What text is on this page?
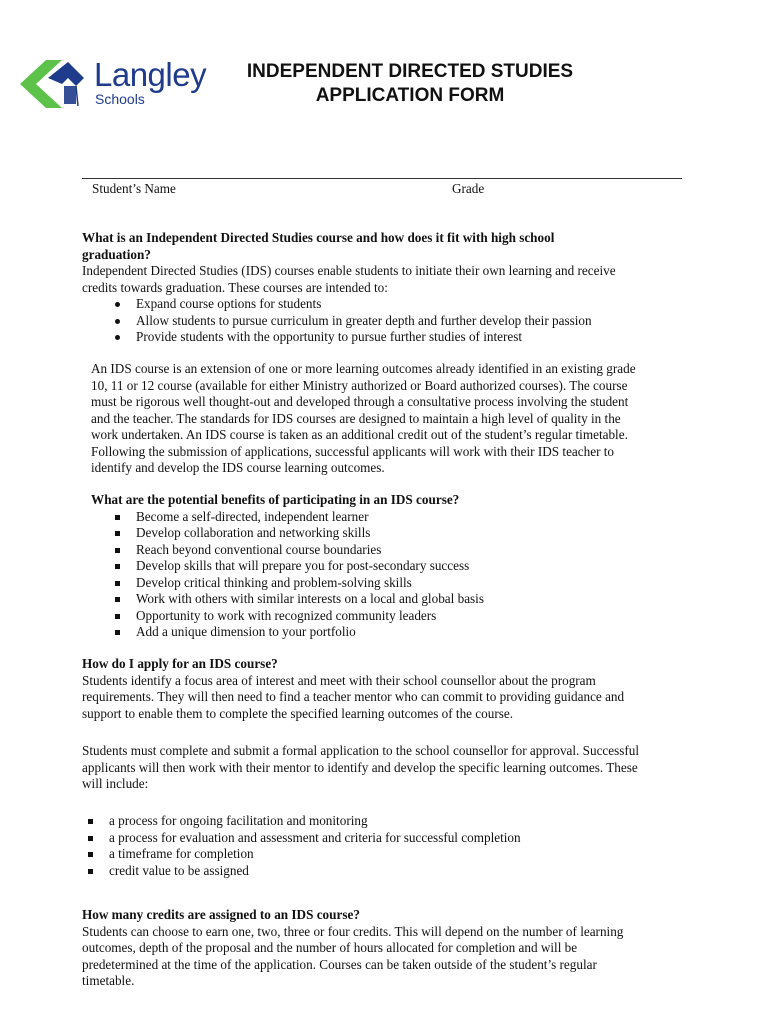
Langley
Schools
INDEPENDENT DIRECTED STUDIES
APPLICATION FORM
Student’s Name	Grade
What is an Independent Directed Studies course and how does it fit with high school
graduation?
Independent Directed Studies (IDS) courses enable students to initiate their own learning and receive
credits towards graduation. These courses are intended to:
Expand course options for students
Allow students to pursue curriculum in greater depth and further develop their passion
Provide students with the opportunity to pursue further studies of interest
An IDS course is an extension of one or more learning outcomes already identified in an existing grade
10, 11 or 12 course (available for either Ministry authorized or Board authorized courses). The course
must be rigorous well thought-out and developed through a consultative process involving the student
and the teacher. The standards for IDS courses are designed to maintain a high level of quality in the
work undertaken. An IDS course is taken as an additional credit out of the student’s regular timetable.
Following the submission of applications, successful applicants will work with their IDS teacher to
identify and develop the IDS course learning outcomes.
What are the potential benefits of participating in an IDS course?
Become a self-directed, independent learner
Develop collaboration and networking skills
Reach beyond conventional course boundaries
Develop skills that will prepare you for post-secondary success
Develop critical thinking and problem-solving skills
Work with others with similar interests on a local and global basis
Opportunity to work with recognized community leaders
Add a unique dimension to your portfolio
How do I apply for an IDS course?
Students identify a focus area of interest and meet with their school counsellor about the program
requirements. They will then need to find a teacher mentor who can commit to providing guidance and
support to enable them to complete the specified learning outcomes of the course.
Students must complete and submit a formal application to the school counsellor for approval. Successful
applicants will then work with their mentor to identify and develop the specific learning outcomes. These
will include:
a process for ongoing facilitation and monitoring
a process for evaluation and assessment and criteria for successful completion
a timeframe for completion
credit value to be assigned
How many credits are assigned to an IDS course?
Students can choose to earn one, two, three or four credits. This will depend on the number of learning
outcomes, depth of the proposal and the number of hours allocated for completion and will be
predetermined at the time of the application. Courses can be taken outside of the student’s regular
timetable.
